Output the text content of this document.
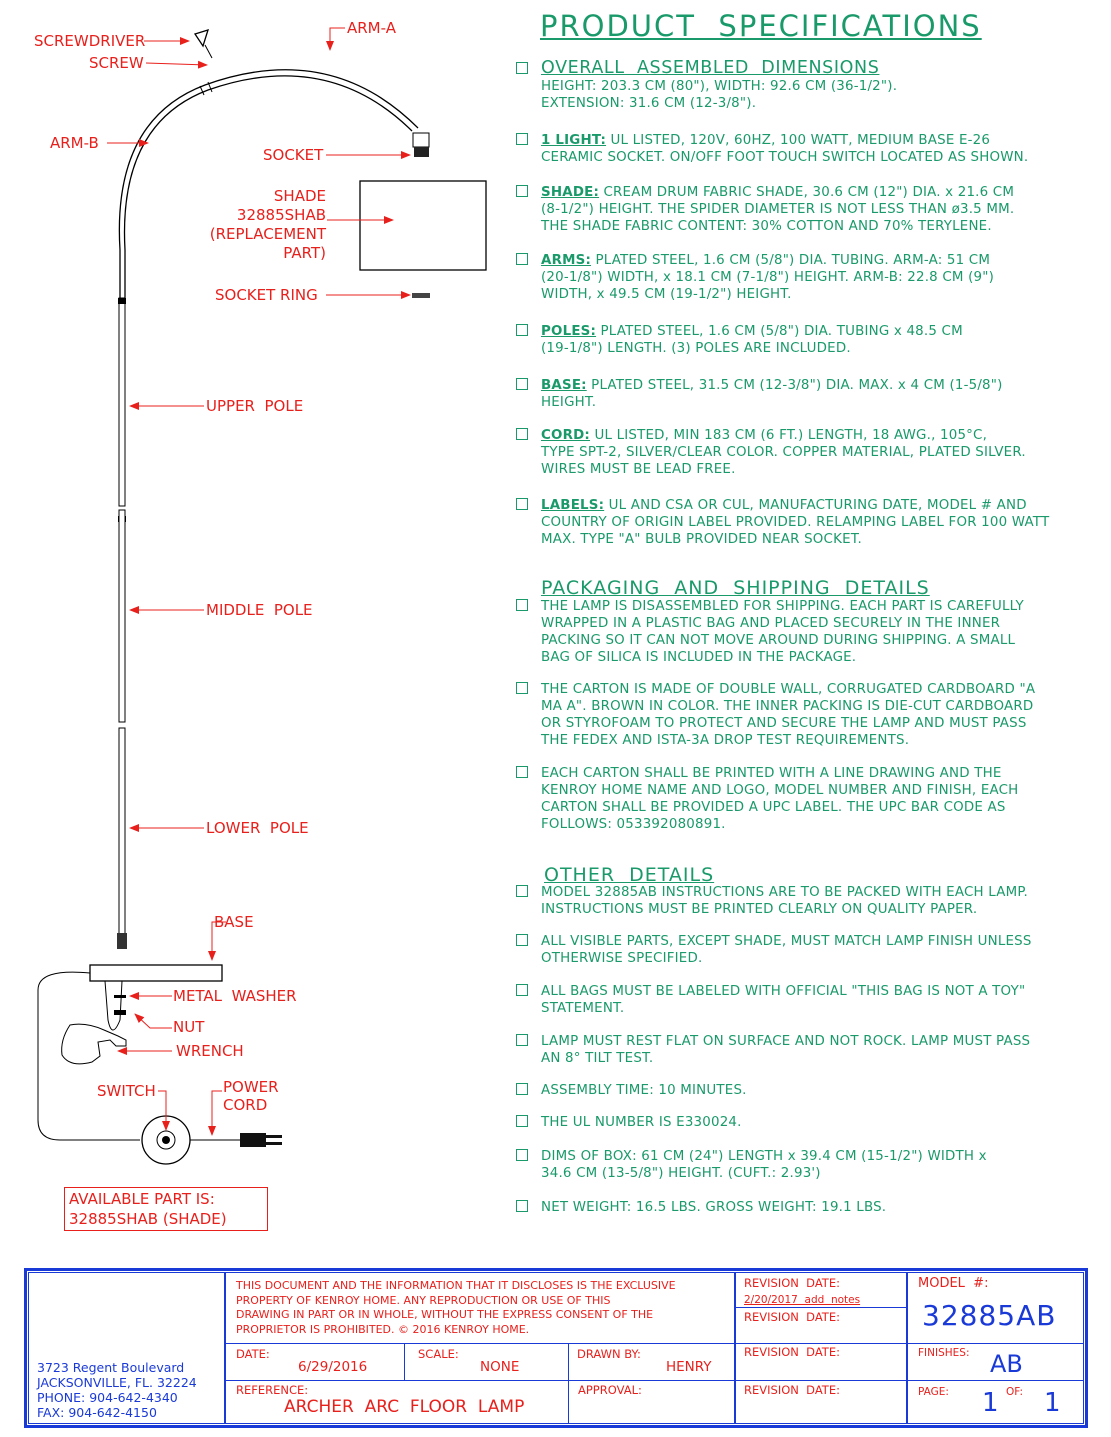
SCREWDRIVER
SCREW
ARM-A
ARM-B
SOCKET
SHADE
32885SHAB
(REPLACEMENT
PART)
SOCKET RING
UPPER  POLE
MIDDLE  POLE
LOWER  POLE
BASE
METAL  WASHER
NUT
WRENCH
SWITCH	POWER
CORD
AVAILABLE PART IS:
32885SHAB (SHADE)
PRODUCT  SPECIFICATIONS
OVERALL  ASSEMBLED  DIMENSIONS
HEIGHT: 203.3 CM (80"), WIDTH: 92.6 CM (36-1/2").
EXTENSION: 31.6 CM (12-3/8").
1 LIGHT: UL LISTED, 120V, 60HZ, 100 WATT, MEDIUM BASE E-26
CERAMIC SOCKET. ON/OFF FOOT TOUCH SWITCH LOCATED AS SHOWN.
SHADE: CREAM DRUM FABRIC SHADE, 30.6 CM (12") DIA. x 21.6 CM
(8-1/2") HEIGHT. THE SPIDER DIAMETER IS NOT LESS THAN ø3.5 MM.
THE SHADE FABRIC CONTENT: 30% COTTON AND 70% TERYLENE.
ARMS: PLATED STEEL, 1.6 CM (5/8") DIA. TUBING. ARM-A: 51 CM
(20-1/8") WIDTH, x 18.1 CM (7-1/8") HEIGHT. ARM-B: 22.8 CM (9")
WIDTH, x 49.5 CM (19-1/2") HEIGHT.
POLES: PLATED STEEL, 1.6 CM (5/8") DIA. TUBING x 48.5 CM
(19-1/8") LENGTH. (3) POLES ARE INCLUDED.
BASE: PLATED STEEL, 31.5 CM (12-3/8") DIA. MAX. x 4 CM (1-5/8")
HEIGHT.
CORD: UL LISTED, MIN 183 CM (6 FT.) LENGTH, 18 AWG., 105°C,
TYPE SPT-2, SILVER/CLEAR COLOR. COPPER MATERIAL, PLATED SILVER.
WIRES MUST BE LEAD FREE.
LABELS: UL AND CSA OR CUL, MANUFACTURING DATE, MODEL # AND
COUNTRY OF ORIGIN LABEL PROVIDED. RELAMPING LABEL FOR 100 WATT
MAX. TYPE "A" BULB PROVIDED NEAR SOCKET.
PACKAGING  AND  SHIPPING  DETAILS
THE LAMP IS DISASSEMBLED FOR SHIPPING. EACH PART IS CAREFULLY
WRAPPED IN A PLASTIC BAG AND PLACED SECURELY IN THE INNER
PACKING SO IT CAN NOT MOVE AROUND DURING SHIPPING. A SMALL
BAG OF SILICA IS INCLUDED IN THE PACKAGE.
THE CARTON IS MADE OF DOUBLE WALL, CORRUGATED CARDBOARD "A
MA A". BROWN IN COLOR. THE INNER PACKING IS DIE-CUT CARDBOARD
OR STYROFOAM TO PROTECT AND SECURE THE LAMP AND MUST PASS
THE FEDEX AND ISTA-3A DROP TEST REQUIREMENTS.
EACH CARTON SHALL BE PRINTED WITH A LINE DRAWING AND THE
KENROY HOME NAME AND LOGO, MODEL NUMBER AND FINISH, EACH
CARTON SHALL BE PROVIDED A UPC LABEL. THE UPC BAR CODE AS
FOLLOWS: 053392080891.
OTHER  DETAILS
MODEL 32885AB INSTRUCTIONS ARE TO BE PACKED WITH EACH LAMP.
INSTRUCTIONS MUST BE PRINTED CLEARLY ON QUALITY PAPER.
ALL VISIBLE PARTS, EXCEPT SHADE, MUST MATCH LAMP FINISH UNLESS
OTHERWISE SPECIFIED.
ALL BAGS MUST BE LABELED WITH OFFICIAL "THIS BAG IS NOT A TOY"
STATEMENT.
LAMP MUST REST FLAT ON SURFACE AND NOT ROCK. LAMP MUST PASS
AN 8° TILT TEST.
ASSEMBLY TIME: 10 MINUTES.
THE UL NUMBER IS E330024.
DIMS OF BOX: 61 CM (24") LENGTH x 39.4 CM (15-1/2") WIDTH x
34.6 CM (13-5/8") HEIGHT. (CUFT.: 2.93')
NET WEIGHT: 16.5 LBS. GROSS WEIGHT: 19.1 LBS.
3723 Regent Boulevard
JACKSONVILLE, FL. 32224
PHONE: 904-642-4340
FAX: 904-642-4150
THIS DOCUMENT AND THE INFORMATION THAT IT DISCLOSES IS THE EXCLUSIVE
PROPERTY OF KENROY HOME. ANY REPRODUCTION OR USE OF THIS
DRAWING IN PART OR IN WHOLE, WITHOUT THE EXPRESS CONSENT OF THE
PROPRIETOR IS PROHIBITED. © 2016 KENROY HOME.
DATE:
6/29/2016
SCALE:
NONE
DRAWN BY:
HENRY
REFERENCE:
ARCHER  ARC  FLOOR  LAMP
APPROVAL:
REVISION  DATE:
2/20/2017  add  notes
REVISION  DATE:
REVISION  DATE:
REVISION  DATE:
MODEL  #:
32885AB
FINISHES: AB
PAGE: 1 OF: 1
